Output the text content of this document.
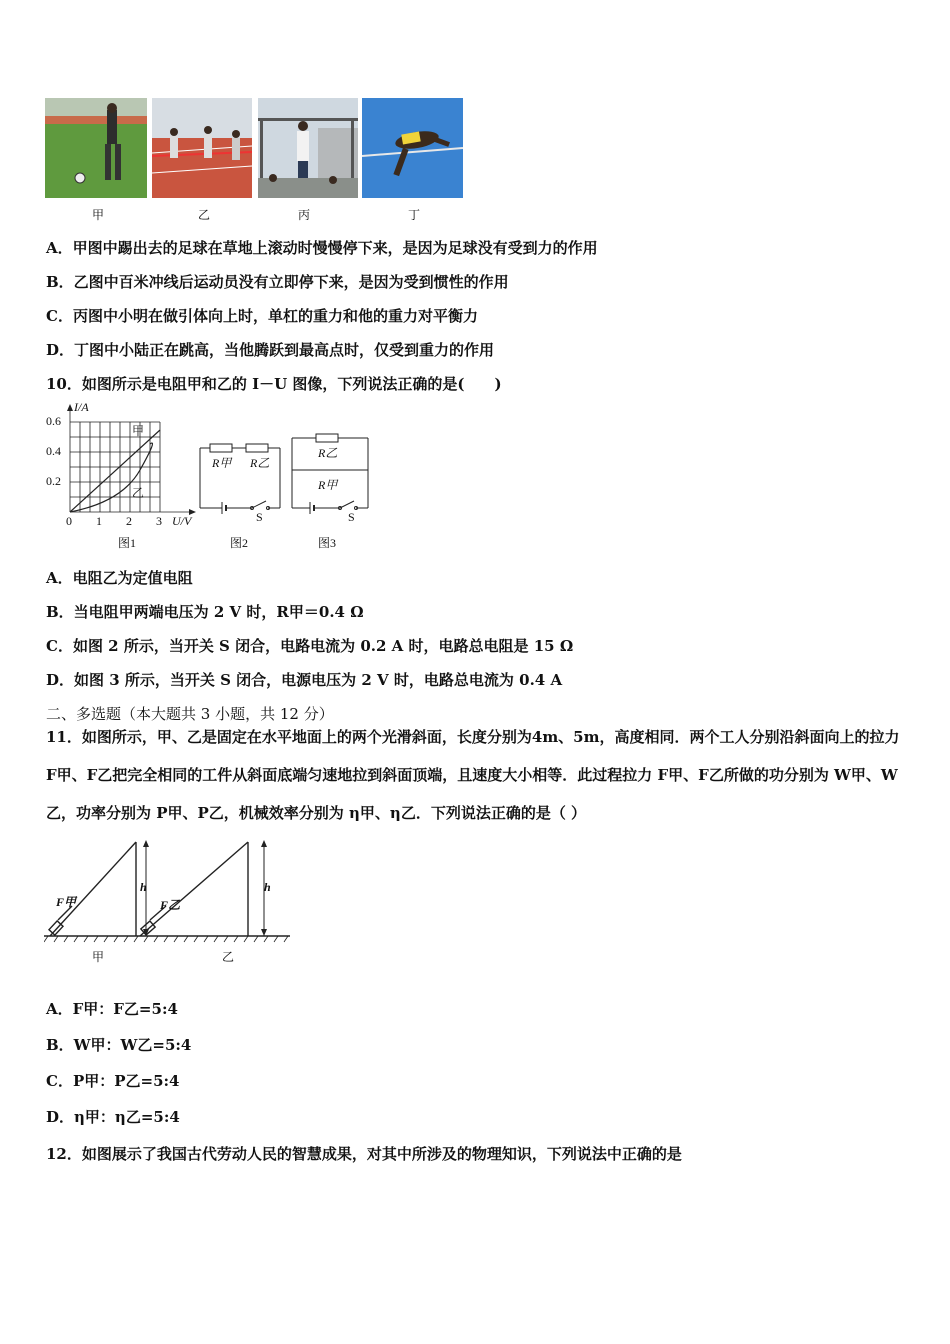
甲	乙	丙	丁
A．甲图中踢出去的足球在草地上滚动时慢慢停下来，是因为足球没有受到力的作用
B．乙图中百米冲线后运动员没有立即停下来，是因为受到惯性的作用
C．丙图中小明在做引体向上时，单杠的重力和他的重力对平衡力
D．丁图中小陆正在跳高，当他腾跃到最高点时，仅受到重力的作用
10．如图所示是电阻甲和乙的 I－U 图像，下列说法正确的是(　　)
I/A
0.6
0.4
0.2
0 1 2 3 U/V
甲
乙
R甲 R乙
S
R乙
R甲
S
图1	图2	图3
A．电阻乙为定值电阻
B．当电阻甲两端电压为 2 V 时，R甲＝0.4 Ω
C．如图 2 所示，当开关 S 闭合，电路电流为 0.2 A 时，电路总电阻是 15 Ω
D．如图 3 所示，当开关 S 闭合，电源电压为 2 V 时，电路总电流为 0.4 A
二、多选题（本大题共 3 小题，共 12 分）
11．如图所示，甲、乙是固定在水平地面上的两个光滑斜面，长度分别为4m、5m，高度相同．两个工人分别沿斜面向上的拉力 F甲、F乙把完全相同的工件从斜面底端匀速地拉到斜面顶端，且速度大小相等．此过程拉力 F甲、F乙所做的功分别为 W甲、W乙，功率分别为 P甲、P乙，机械效率分别为 η甲、η乙．下列说法正确的是（ ）
F甲	F乙
h	h
甲	乙
A．F甲：F乙=5:4
B．W甲：W乙=5:4
C．P甲：P乙=5:4
D．η甲：η乙=5:4
12．如图展示了我国古代劳动人民的智慧成果，对其中所涉及的物理知识，下列说法中正确的是
